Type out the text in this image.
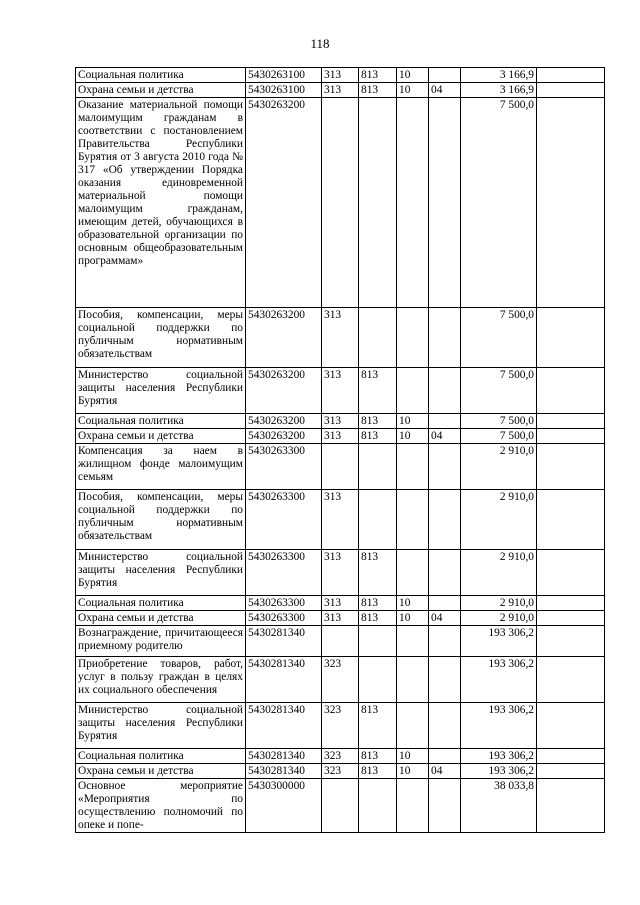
118
Социальная политика	5430263100	313	813	10		3 166,9	
Охрана семьи и детства	5430263100	313	813	10	04	3 166,9	
Оказание материальной помощи малоимущим гражданам в соответствии с постановлением Правительства Республики Бурятия от 3 августа 2010 года № 317 «Об утверждении Порядка оказания единовременной материальной помощи малоимущим гражданам, имеющим детей, обучающихся в образовательной организации по основным общеобразовательным программам»	5430263200					7 500,0	
Пособия, компенсации, меры социальной поддержки по публичным нормативным обязательствам	5430263200	313				7 500,0	
Министерство социальной защиты населения Республики Бурятия	5430263200	313	813			7 500,0	
Социальная политика	5430263200	313	813	10		7 500,0	
Охрана семьи и детства	5430263200	313	813	10	04	7 500,0	
Компенсация за наем в жилищном фонде малоимущим семьям	5430263300					2 910,0	
Пособия, компенсации, меры социальной поддержки по публичным нормативным обязательствам	5430263300	313				2 910,0	
Министерство социальной защиты населения Республики Бурятия	5430263300	313	813			2 910,0	
Социальная политика	5430263300	313	813	10		2 910,0	
Охрана семьи и детства	5430263300	313	813	10	04	2 910,0	
Вознаграждение, причитающееся приемному родителю	5430281340					193 306,2	
Приобретение товаров, работ, услуг в пользу граждан в целях их социального обеспечения	5430281340	323				193 306,2	
Министерство социальной защиты населения Республики Бурятия	5430281340	323	813			193 306,2	
Социальная политика	5430281340	323	813	10		193 306,2	
Охрана семьи и детства	5430281340	323	813	10	04	193 306,2	
Основное мероприятие «Мероприятия по осуществлению полномочий по опеке и попе-	5430300000					38 033,8	
